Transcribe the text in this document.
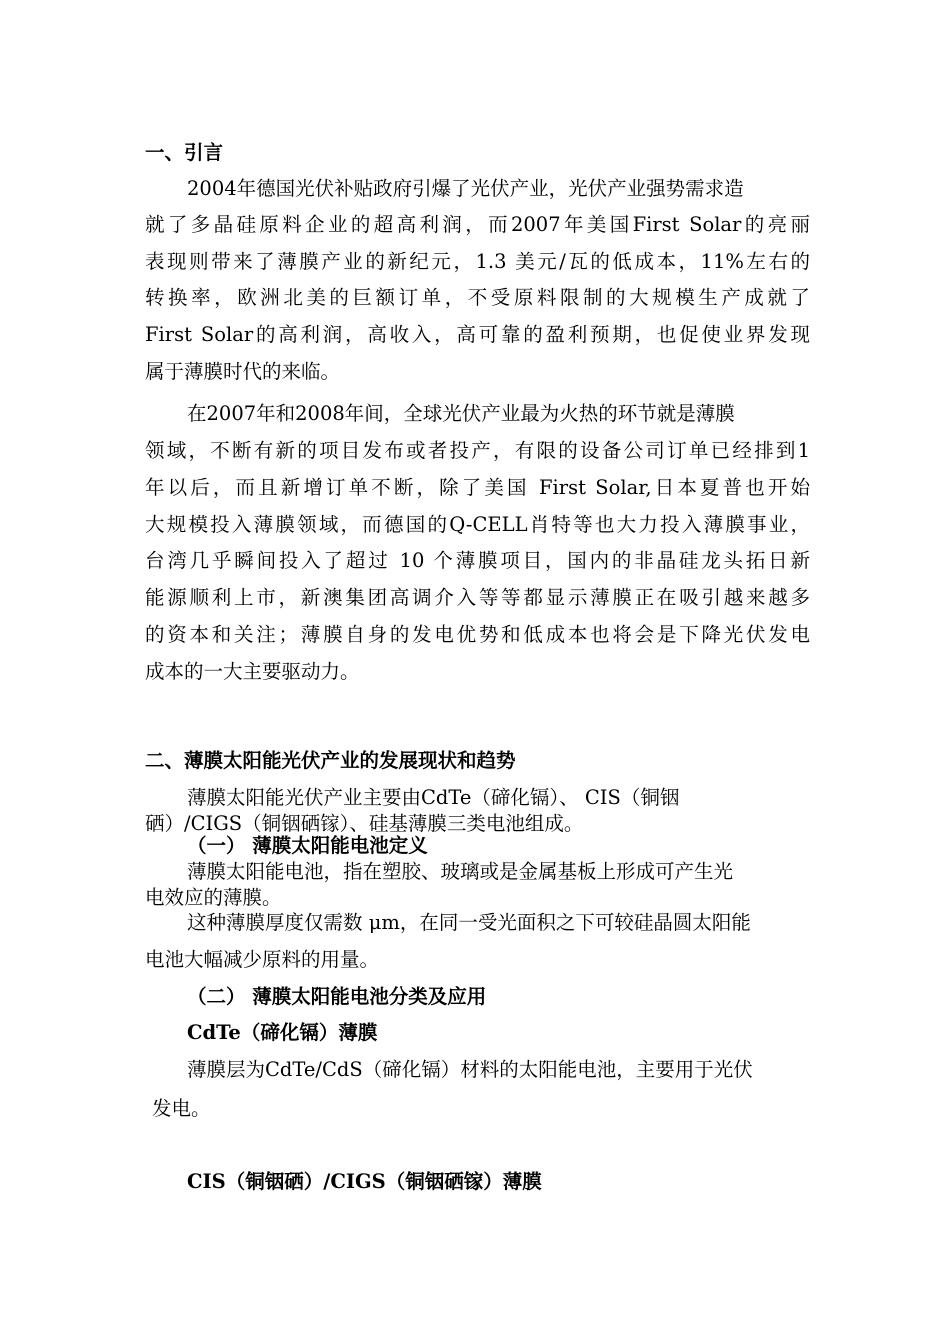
一、引言
2004年德国光伏补贴政府引爆了光伏产业，光伏产业强势需求造
就了多晶硅原料企业的超高利润，而2007年美国First Solar的亮丽
表现则带来了薄膜产业的新纪元，1.3 美元/瓦的低成本，11%左右的
转换率，欧洲北美的巨额订单，不受原料限制的大规模生产成就了
First Solar的高利润，高收入，高可靠的盈利预期，也促使业界发现
属于薄膜时代的来临。
在2007年和2008年间，全球光伏产业最为火热的环节就是薄膜
领域，不断有新的项目发布或者投产，有限的设备公司订单已经排到1
年以后，而且新增订单不断，除了美国 First Solar,日本夏普也开始
大规模投入薄膜领域，而德国的Q-CELL肖特等也大力投入薄膜事业，
台湾几乎瞬间投入了超过 10 个薄膜项目，国内的非晶硅龙头拓日新
能源顺利上市，新澳集团高调介入等等都显示薄膜正在吸引越来越多
的资本和关注；薄膜自身的发电优势和低成本也将会是下降光伏发电
成本的一大主要驱动力。
二、薄膜太阳能光伏产业的发展现状和趋势
薄膜太阳能光伏产业主要由CdTe（碲化镉）、 CIS（铜铟
硒）/CIGS（铜铟硒镓）、硅基薄膜三类电池组成。
（一） 薄膜太阳能电池定义
薄膜太阳能电池，指在塑胶、玻璃或是金属基板上形成可产生光
电效应的薄膜。
这种薄膜厚度仅需数 μm，在同一受光面积之下可较硅晶圆太阳能
电池大幅减少原料的用量。
（二） 薄膜太阳能电池分类及应用
CdTe（碲化镉）薄膜
薄膜层为CdTe/CdS（碲化镉）材料的太阳能电池，主要用于光伏
发电。
CIS（铜铟硒）/CIGS（铜铟硒镓）薄膜
